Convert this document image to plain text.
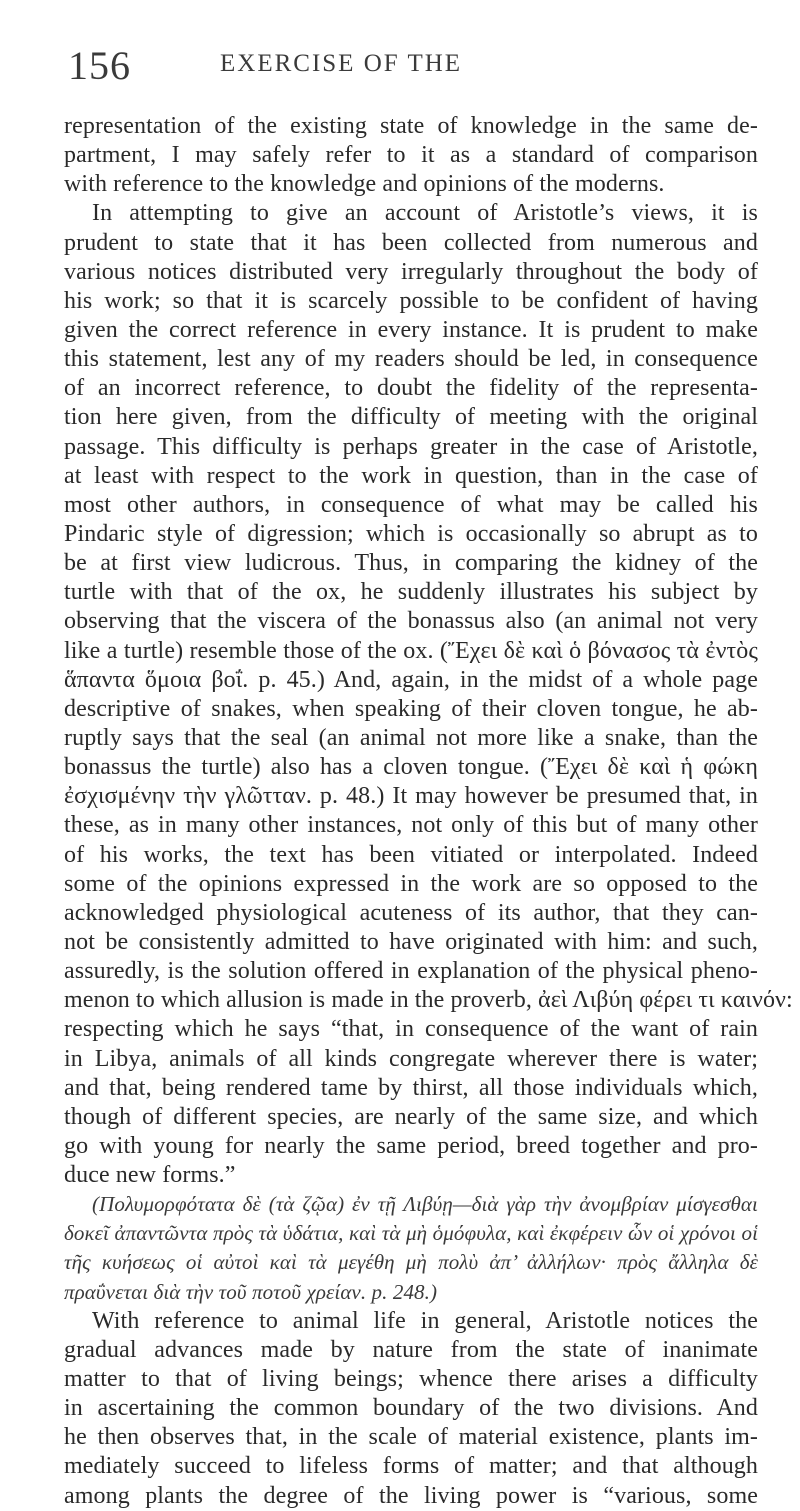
156	EXERCISE OF THE
representation of the existing state of knowledge in the same de-
partment, I may safely refer to it as a standard of comparison
with reference to the knowledge and opinions of the moderns.
In attempting to give an account of Aristotle’s views, it is
prudent to state that it has been collected from numerous and
various notices distributed very irregularly throughout the body of
his work; so that it is scarcely possible to be confident of having
given the correct reference in every instance. It is prudent to make
this statement, lest any of my readers should be led, in consequence
of an incorrect reference, to doubt the fidelity of the representa-
tion here given, from the difficulty of meeting with the original
passage. This difficulty is perhaps greater in the case of Aristotle,
at least with respect to the work in question, than in the case of
most other authors, in consequence of what may be called his
Pindaric style of digression; which is occasionally so abrupt as to
be at first view ludicrous. Thus, in comparing the kidney of the
turtle with that of the ox, he suddenly illustrates his subject by
observing that the viscera of the bonassus also (an animal not very
like a turtle) resemble those of the ox. (Ἔχει δὲ καὶ ὁ βόνασος τὰ ἐντὸς
ἅπαντα ὅμοια βοΐ. p. 45.) And, again, in the midst of a whole page
descriptive of snakes, when speaking of their cloven tongue, he ab-
ruptly says that the seal (an animal not more like a snake, than the
bonassus the turtle) also has a cloven tongue. (Ἔχει δὲ καὶ ἡ φώκη
ἐσχισμένην τὴν γλῶτταν. p. 48.) It may however be presumed that, in
these, as in many other instances, not only of this but of many other
of his works, the text has been vitiated or interpolated. Indeed
some of the opinions expressed in the work are so opposed to the
acknowledged physiological acuteness of its author, that they can-
not be consistently admitted to have originated with him: and such,
assuredly, is the solution offered in explanation of the physical pheno-
menon to which allusion is made in the proverb, ἀεὶ Λιβύη φέρει τι καινόν:
respecting which he says “that, in consequence of the want of rain
in Libya, animals of all kinds congregate wherever there is water;
and that, being rendered tame by thirst, all those individuals which,
though of different species, are nearly of the same size, and which
go with young for nearly the same period, breed together and pro-
duce new forms.”
(Πολυμορφότατα δὲ (τὰ ζῷα) ἐν τῇ Λιβύῃ—διὰ γὰρ τὴν ἀνομβρίαν μίσγεσθαι
δοκεῖ ἀπαντῶντα πρὸς τὰ ὑδάτια, καὶ τὰ μὴ ὁμόφυλα, καὶ ἐκφέρειν ὧν οἱ χρόνοι οἱ
τῆς κυήσεως οἱ αὐτοὶ καὶ τὰ μεγέθη μὴ πολὺ ἀπ’ ἀλλήλων· πρὸς ἄλληλα δὲ
πραΰνεται διὰ τὴν τοῦ ποτοῦ χρείαν. p. 248.)
With reference to animal life in general, Aristotle notices the
gradual advances made by nature from the state of inanimate
matter to that of living beings; whence there arises a difficulty
in ascertaining the common boundary of the two divisions. And
he then observes that, in the scale of material existence, plants im-
mediately succeed to lifeless forms of matter; and that although
among plants the degree of the living power is “various, some
